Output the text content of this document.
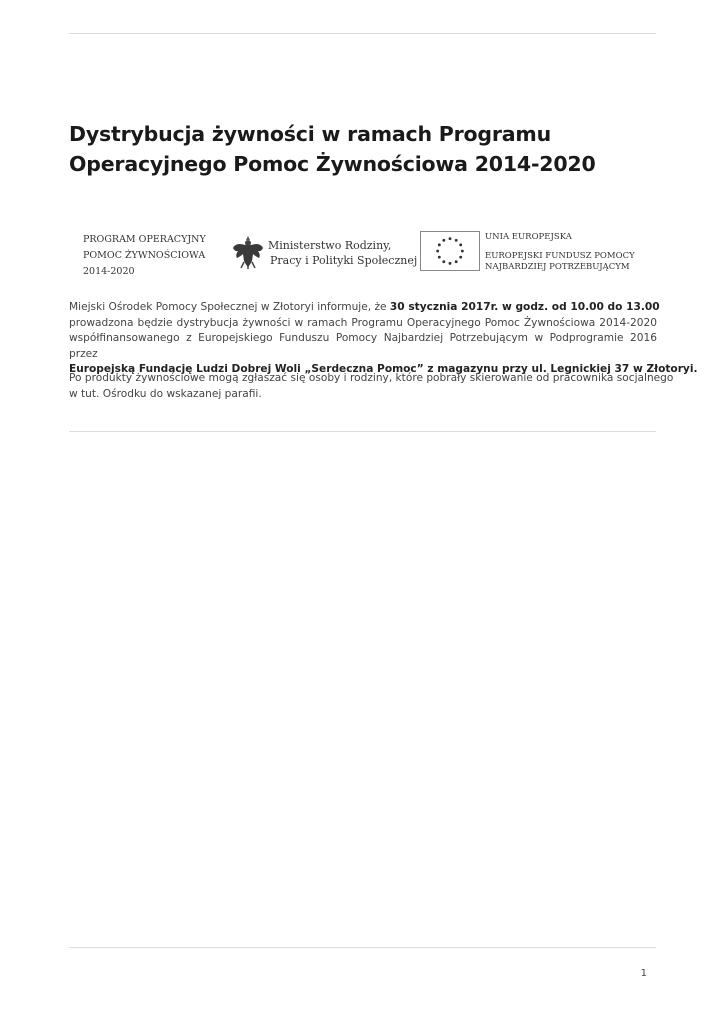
Dystrybucja żywności w ramach Programu
Operacyjnego Pomoc Żywnościowa 2014-2020
PROGRAM OPERACYJNY
POMOC ŻYWNOŚCIOWA
2014-2020
Ministerstwo Rodziny,
Pracy i Polityki Społecznej
UNIA EUROPEJSKA
EUROPEJSKI FUNDUSZ POMOCY
NAJBARDZIEJ POTRZEBUJĄCYM
Miejski Ośrodek Pomocy Społecznej w Złotoryi informuje, że 30 stycznia 2017r. w godz. od 10.00 do 13.00
prowadzona będzie dystrybucja żywności w ramach Programu Operacyjnego Pomoc Żywnościowa 2014-2020
współfinansowanego z Europejskiego Funduszu Pomocy Najbardziej Potrzebującym w Podprogramie 2016 przez
Europejską Fundację Ludzi Dobrej Woli „Serdeczna Pomoc” z magazynu przy ul. Legnickiej 37 w Złotoryi.
Po produkty żywnościowe mogą zgłaszać się osoby i rodziny, które pobrały skierowanie od pracownika socjalnego
w tut. Ośrodku do wskazanej parafii.
1
